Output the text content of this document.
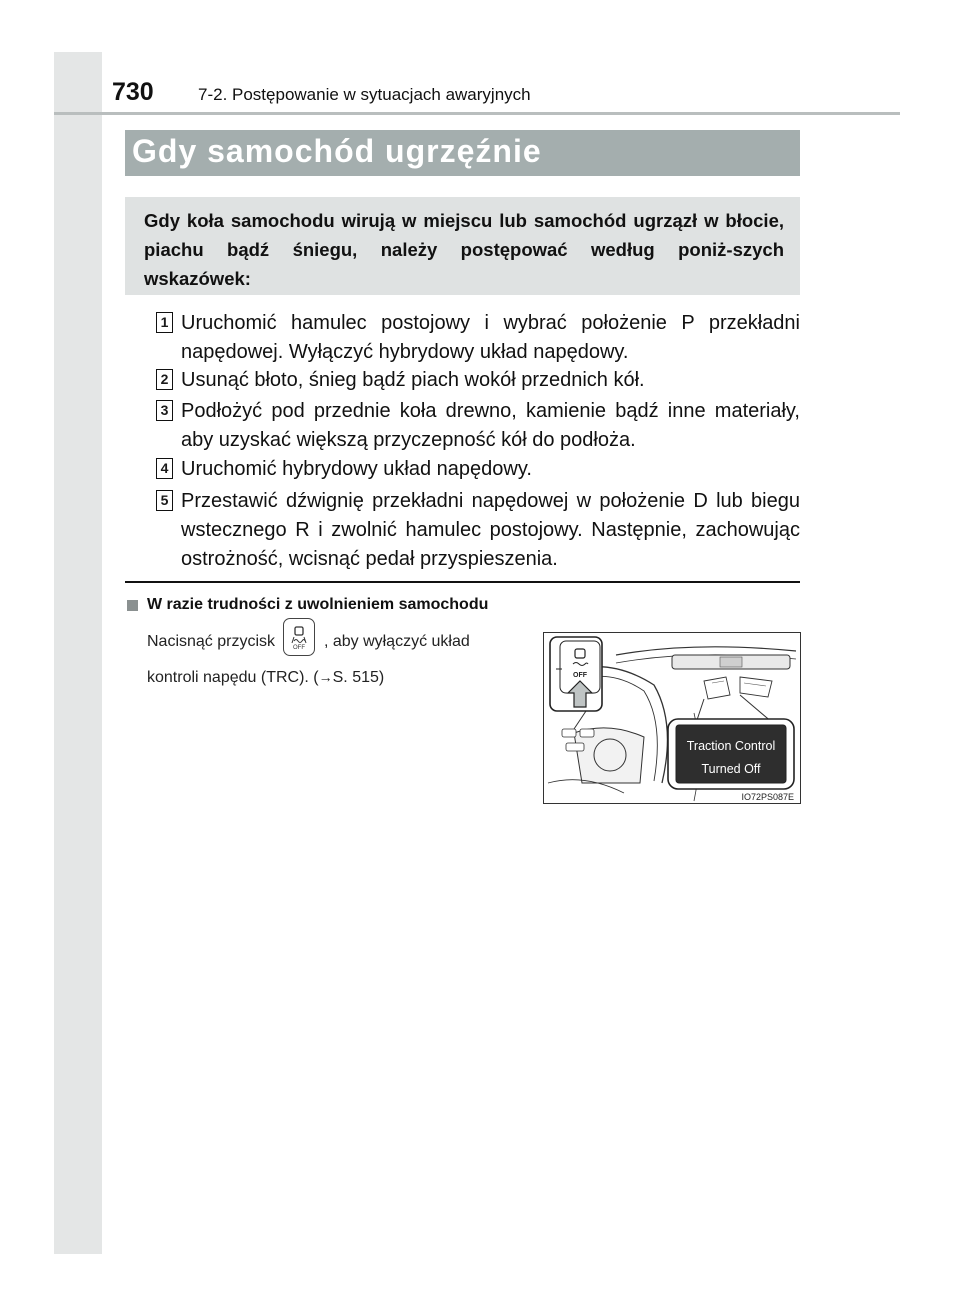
730	7-2. Postępowanie w sytuacjach awaryjnych
Gdy samochód ugrzęźnie
Gdy koła samochodu wirują w miejscu lub samochód ugrzązł w błocie, piachu bądź śniegu, należy postępować według poniż-szych wskazówek:
1 Uruchomić hamulec postojowy i wybrać położenie P przekładni napędowej. Wyłączyć hybrydowy układ napędowy.
2 Usunąć błoto, śnieg bądź piach wokół przednich kół.
3 Podłożyć pod przednie koła drewno, kamienie bądź inne materiały, aby uzyskać większą przyczepność kół do podłoża.
4 Uruchomić hybrydowy układ napędowy.
5 Przestawić dźwignię przekładni napędowej w położenie D lub biegu wstecznego R i zwolnić hamulec postojowy. Następnie, zachowując ostrożność, wcisnąć pedał przyspieszenia.
W razie trudności z uwolnieniem samochodu
Nacisnąć przycisk	OFF , aby wyłączyć układ
kontroli napędu (TRC). (→S. 515)	OFF
Traction Control
Turned Off
IO72PS087E
